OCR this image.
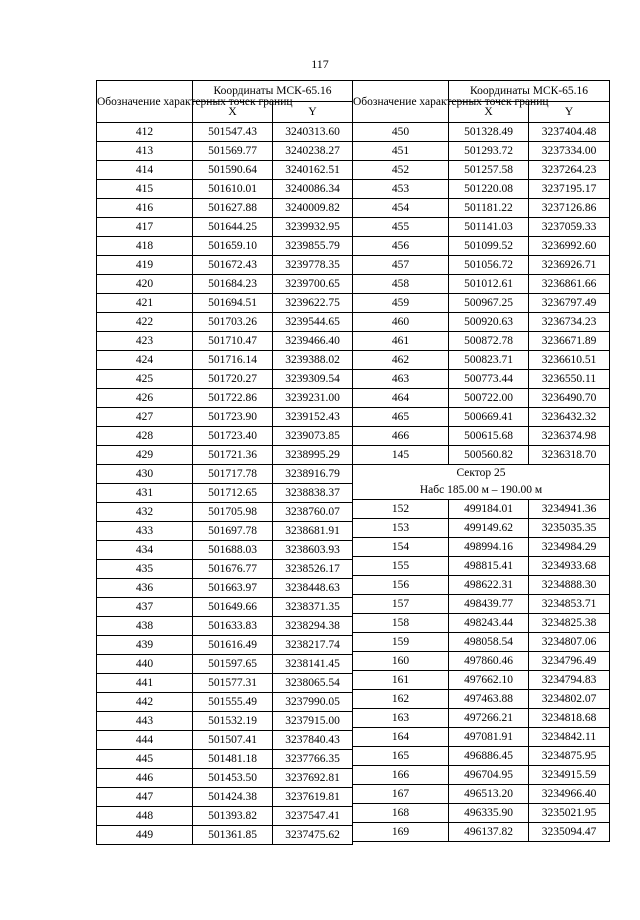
117
Обозначение характерных точек границ	Координаты МСК-65.16	
	X	Y
412	501547.43	3240313.60
413	501569.77	3240238.27
414	501590.64	3240162.51
415	501610.01	3240086.34
416	501627.88	3240009.82
417	501644.25	3239932.95
418	501659.10	3239855.79
419	501672.43	3239778.35
420	501684.23	3239700.65
421	501694.51	3239622.75
422	501703.26	3239544.65
423	501710.47	3239466.40
424	501716.14	3239388.02
425	501720.27	3239309.54
426	501722.86	3239231.00
427	501723.90	3239152.43
428	501723.40	3239073.85
429	501721.36	3238995.29
430	501717.78	3238916.79
431	501712.65	3238838.37
432	501705.98	3238760.07
433	501697.78	3238681.91
434	501688.03	3238603.93
435	501676.77	3238526.17
436	501663.97	3238448.63
437	501649.66	3238371.35
438	501633.83	3238294.38
439	501616.49	3238217.74
440	501597.65	3238141.45
441	501577.31	3238065.54
442	501555.49	3237990.05
443	501532.19	3237915.00
444	501507.41	3237840.43
445	501481.18	3237766.35
446	501453.50	3237692.81
447	501424.38	3237619.81
448	501393.82	3237547.41
449	501361.85	3237475.62
Обозначение характерных точек границ	Координаты МСК-65.16	
	X	Y
450	501328.49	3237404.48
451	501293.72	3237334.00
452	501257.58	3237264.23
453	501220.08	3237195.17
454	501181.22	3237126.86
455	501141.03	3237059.33
456	501099.52	3236992.60
457	501056.72	3236926.71
458	501012.61	3236861.66
459	500967.25	3236797.49
460	500920.63	3236734.23
461	500872.78	3236671.89
462	500823.71	3236610.51
463	500773.44	3236550.11
464	500722.00	3236490.70
465	500669.41	3236432.32
466	500615.68	3236374.98
145	500560.82	3236318.70

Сектор 25
Набс 185.00 м – 190.00 м		

152	499184.01	3234941.36
153	499149.62	3235035.35
154	498994.16	3234984.29
155	498815.41	3234933.68
156	498622.31	3234888.30
157	498439.77	3234853.71
158	498243.44	3234825.38
159	498058.54	3234807.06
160	497860.46	3234796.49
161	497662.10	3234794.83
162	497463.88	3234802.07
163	497266.21	3234818.68
164	497081.91	3234842.11
165	496886.45	3234875.95
166	496704.95	3234915.59
167	496513.20	3234966.40
168	496335.90	3235021.95
169	496137.82	3235094.47
